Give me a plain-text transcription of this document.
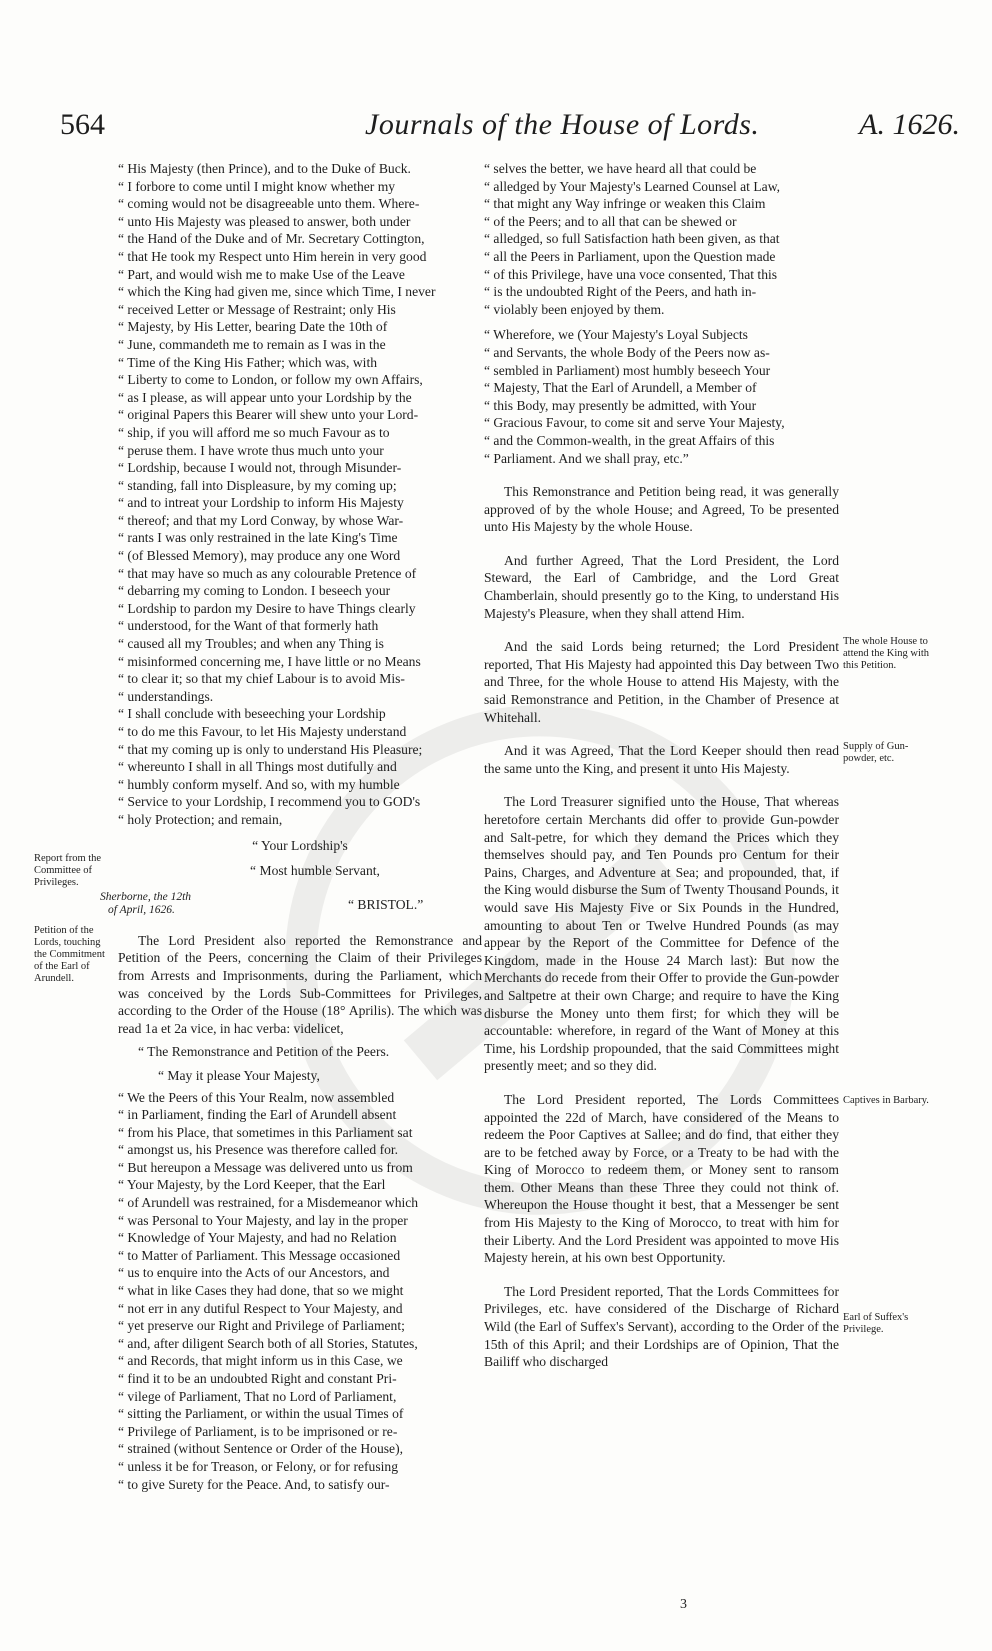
564	Journals of the House of Lords.	A. 1626.
Report from the Committee of Privileges.
Petition of the Lords, touching the Commitment of the Earl of Arundell.
The whole House to attend the King with this Petition.
Supply of Gun-powder, etc.
Captives in Barbary.
Earl of Suffex's Privilege.

“ His Majesty (then Prince), and to the Duke of Buck.

“ I forbore to come until I might know whether my

“ coming would not be disagreeable unto them. Where-

“ unto His Majesty was pleased to answer, both under

“ the Hand of the Duke and of Mr. Secretary Cottington,

“ that He took my Respect unto Him herein in very good

“ Part, and would wish me to make Use of the Leave

“ which the King had given me, since which Time, I never

“ received Letter or Message of Restraint; only His

“ Majesty, by His Letter, bearing Date the 10th of

“ June, commandeth me to remain as I was in the

“ Time of the King His Father; which was, with

“ Liberty to come to London, or follow my own Affairs,

“ as I please, as will appear unto your Lordship by the

“ original Papers this Bearer will shew unto your Lord-

“ ship, if you will afford me so much Favour as to

“ peruse them. I have wrote thus much unto your

“ Lordship, because I would not, through Misunder-

“ standing, fall into Displeasure, by my coming up;

“ and to intreat your Lordship to inform His Majesty

“ thereof; and that my Lord Conway, by whose War-

“ rants I was only restrained in the late King's Time

“ (of Blessed Memory), may produce any one Word

“ that may have so much as any colourable Pretence of

“ debarring my coming to London. I beseech your

“ Lordship to pardon my Desire to have Things clearly

“ understood, for the Want of that formerly hath

“ caused all my Troubles; and when any Thing is

“ misinformed concerning me, I have little or no Means

“ to clear it; so that my chief Labour is to avoid Mis-

“ understandings.

“ I shall conclude with beseeching your Lordship

“ to do me this Favour, to let His Majesty understand

“ that my coming up is only to understand His Pleasure;

“ whereunto I shall in all Things most dutifully and

“ humbly conform myself. And so, with my humble

“ Service to your Lordship, I recommend you to GOD's

“ holy Protection; and remain,

“ Your Lordship's

“ Most humble Servant,

Sherborne, the 12th
of April, 1626.	“ BRISTOL.”

The Lord President also reported the Remonstrance and Petition of the Peers, concerning the Claim of their Privileges from Arrests and Imprisonments, during the Parliament, which was conceived by the Lords Sub-Committees for Privileges, according to the Order of the House (18° Aprilis). The which was read 1a et 2a vice, in hac verba: videlicet,

“ The Remonstrance and Petition of the Peers.

“ May it please Your Majesty,

“ We the Peers of this Your Realm, now assembled

“ in Parliament, finding the Earl of Arundell absent

“ from his Place, that sometimes in this Parliament sat

“ amongst us, his Presence was therefore called for.

“ But hereupon a Message was delivered unto us from

“ Your Majesty, by the Lord Keeper, that the Earl

“ of Arundell was restrained, for a Misdemeanor which

“ was Personal to Your Majesty, and lay in the proper

“ Knowledge of Your Majesty, and had no Relation

“ to Matter of Parliament. This Message occasioned

“ us to enquire into the Acts of our Ancestors, and

“ what in like Cases they had done, that so we might

“ not err in any dutiful Respect to Your Majesty, and

“ yet preserve our Right and Privilege of Parliament;

“ and, after diligent Search both of all Stories, Statutes,

“ and Records, that might inform us in this Case, we

“ find it to be an undoubted Right and constant Pri-

“ vilege of Parliament, That no Lord of Parliament,

“ sitting the Parliament, or within the usual Times of

“ Privilege of Parliament, is to be imprisoned or re-

“ strained (without Sentence or Order of the House),

“ unless it be for Treason, or Felony, or for refusing

“ to give Surety for the Peace. And, to satisfy our-

“ selves the better, we have heard all that could be

“ alledged by Your Majesty's Learned Counsel at Law,

“ that might any Way infringe or weaken this Claim

“ of the Peers; and to all that can be shewed or

“ alledged, so full Satisfaction hath been given, as that

“ all the Peers in Parliament, upon the Question made

“ of this Privilege, have una voce consented, That this

“ is the undoubted Right of the Peers, and hath in-

“ violably been enjoyed by them.

“ Wherefore, we (Your Majesty's Loyal Subjects

“ and Servants, the whole Body of the Peers now as-

“ sembled in Parliament) most humbly beseech Your

“ Majesty, That the Earl of Arundell, a Member of

“ this Body, may presently be admitted, with Your

“ Gracious Favour, to come sit and serve Your Majesty,

“ and the Common-wealth, in the great Affairs of this

“ Parliament. And we shall pray, etc.”

This Remonstrance and Petition being read, it was generally approved of by the whole House; and Agreed, To be presented unto His Majesty by the whole House.

And further Agreed, That the Lord President, the Lord Steward, the Earl of Cambridge, and the Lord Great Chamberlain, should presently go to the King, to understand His Majesty's Pleasure, when they shall attend Him.

And the said Lords being returned; the Lord President reported, That His Majesty had appointed this Day between Two and Three, for the whole House to attend His Majesty, with the said Remonstrance and Petition, in the Chamber of Presence at Whitehall.

And it was Agreed, That the Lord Keeper should then read the same unto the King, and present it unto His Majesty.

The Lord Treasurer signified unto the House, That whereas heretofore certain Merchants did offer to provide Gun-powder and Salt-petre, for which they demand the Prices which they themselves should pay, and Ten Pounds pro Centum for their Pains, Charges, and Adventure at Sea; and propounded, that, if the King would disburse the Sum of Twenty Thousand Pounds, it would save His Majesty Five or Six Pounds in the Hundred, amounting to about Ten or Twelve Hundred Pounds (as may appear by the Report of the Committee for Defence of the Kingdom, made in the House 24 March last): But now the Merchants do recede from their Offer to provide the Gun-powder and Saltpetre at their own Charge; and require to have the King disburse the Money unto them first; for which they will be accountable: wherefore, in regard of the Want of Money at this Time, his Lordship propounded, that the said Committees might presently meet; and so they did.

The Lord President reported, The Lords Committees appointed the 22d of March, have considered of the Means to redeem the Poor Captives at Sallee; and do find, that either they are to be fetched away by Force, or a Treaty to be had with the King of Morocco to redeem them, or Money sent to ransom them. Other Means than these Three they could not think of. Whereupon the House thought it best, that a Messenger be sent from His Majesty to the King of Morocco, to treat with him for their Liberty. And the Lord President was appointed to move His Majesty herein, at his own best Opportunity.

The Lord President reported, That the Lords Committees for Privileges, etc. have considered of the Discharge of Richard Wild (the Earl of Suffex's Servant), according to the Order of the 15th of this April; and their Lordships are of Opinion, That the Bailiff who discharged

3
